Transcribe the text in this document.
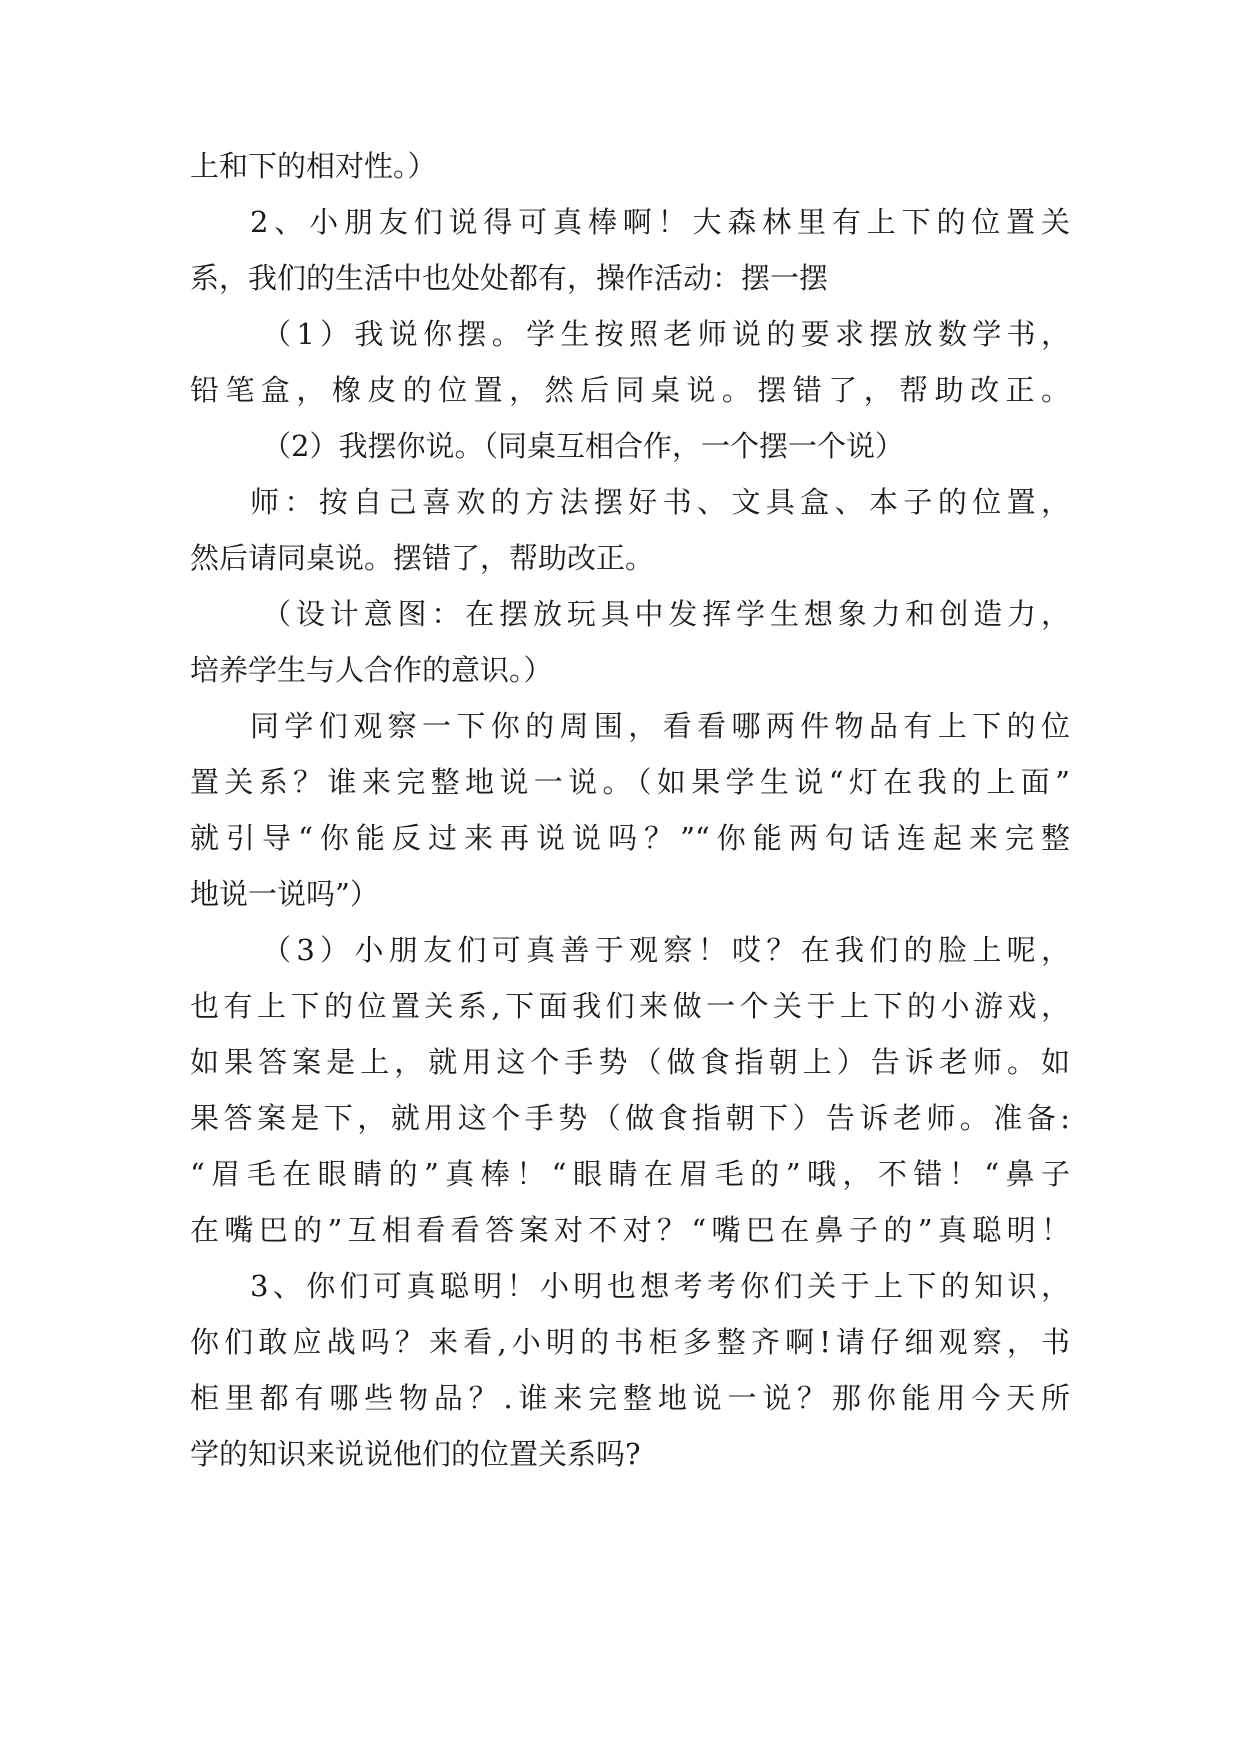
上和下的相对性。）
2、小朋友们说得可真棒啊！大森林里有上下的位置关
系，我们的生活中也处处都有，操作活动：摆一摆
（1）我说你摆。学生按照老师说的要求摆放数学书，
铅笔盒，橡皮的位置，然后同桌说。摆错了，帮助改正。
（2）我摆你说。（同桌互相合作，一个摆一个说）
师：按自己喜欢的方法摆好书、文具盒、本子的位置，
然后请同桌说。摆错了，帮助改正。
（设计意图：在摆放玩具中发挥学生想象力和创造力，
培养学生与人合作的意识。）
同学们观察一下你的周围，看看哪两件物品有上下的位
置关系？谁来完整地说一说。（如果学生说“灯在我的上面”
就引导“你能反过来再说说吗？”“你能两句话连起来完整
地说一说吗”）
（3）小朋友们可真善于观察！哎？在我们的脸上呢，
也有上下的位置关系,下面我们来做一个关于上下的小游戏，
如果答案是上，就用这个手势（做食指朝上）告诉老师。如
果答案是下，就用这个手势（做食指朝下）告诉老师。准备:
“眉毛在眼睛的”真棒！“眼睛在眉毛的”哦，不错！“鼻子
在嘴巴的”互相看看答案对不对？“嘴巴在鼻子的”真聪明！
3、你们可真聪明！小明也想考考你们关于上下的知识，
你们敢应战吗？来看,小明的书柜多整齐啊!请仔细观察，书
柜里都有哪些物品？.谁来完整地说一说？那你能用今天所
学的知识来说说他们的位置关系吗?
